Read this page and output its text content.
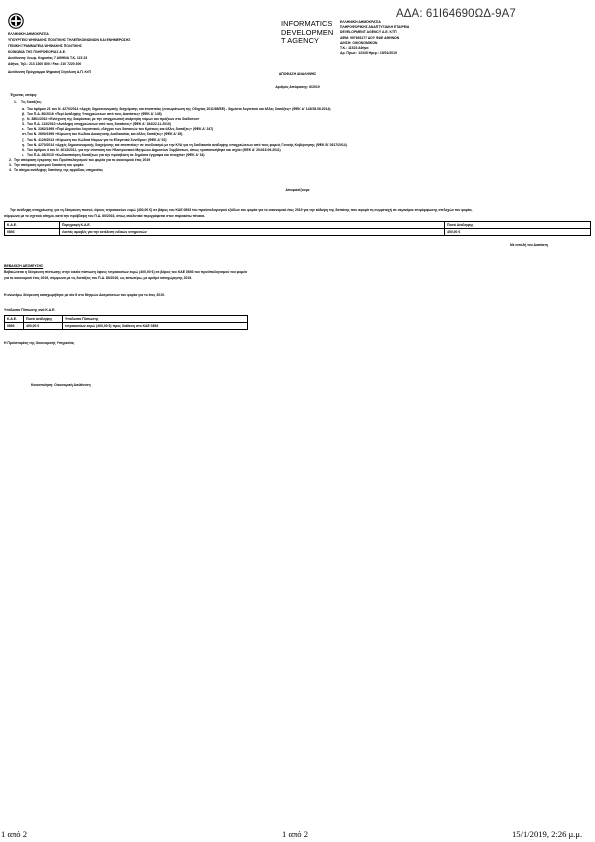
ΑΔΑ: 61Ι64690ΩΔ-9Α7
ΕΛΛΗΝΙΚΗ ΔΗΜΟΚΡΑΤΙΑ
ΥΠΟΥΡΓΕΙΟ ΨΗΦΙΑΚΗΣ ΠΟΛΙΤΙΚΗΣ ΤΗΛΕΠΙΚΟΙΝΩΝΙΩΝ ΚΑΙ ΕΝΗΜΕΡΩΣΗΣ
ΓΕΝΙΚΗ ΓΡΑΜΜΑΤΕΙΑ ΨΗΦΙΑΚΗΣ ΠΟΛΙΤΙΚΗΣ
ΚΟΙΝΩΝΙΑ ΤΗΣ ΠΛΗΡΟΦΟΡΙΑΣ Α.Ε.
Διεύθυνση: Λεωφ. Κηφισίας 7 ΑΘΗΝΑ Τ.Κ. 115 23
Αθήνα, Τηλ.: 213 1300 800 / Fax: 210 7220 300
Διεύθυνση Πρόγραμμα Ψηφιακή Σύγκλιση Α.Π. ΚτΠ
INFORMATICS
DEVELOPMEN
T AGENCY
ΕΛΛΗΝΙΚΗ ΔΗΜΟΚΡΑΤΙΑ
ΠΛΗΡΟΦΟΡΙΚΗΣ ΑΝΑΠΤΥΞΙΑΚΗ ΕΤΑΙΡΕΙΑ
DEVELOPMENT AGENCY Α.Ε. ΚΤΠ
ΑΦΜ: 997693177 ΔΟΥ ΦΑΕ ΑΘΗΝΩΝ
Δ/ΝΣΗ: ΟΙΚΟΝΟΜΙΚΩΝ
Τ.Κ.: 11523 Αθήνα
Αρ. Πρωτ.: 12345 Ημερ.: 15/01/2019
ΑΠΟΦΑΣΗ ΑΝΑΛΗΨΗΣ
Αριθμός Απόφασης: 6/2019
Έχοντας υπόψη:
1. Τις διατάξεις:
α. Του άρθρου 21 του Ν. 4270/2014 «Αρχές δημοσιονομικής διαχείρισης και εποπτείας (ενσωμάτωση της Οδηγίας 2011/85/ΕΕ) - δημόσιο λογιστικό και άλλες διατάξεις» (ΦΕΚ Α' 143/28.06.2014)
β. Του Π.Δ. 80/2016 «Περί Ανάληψης Υποχρεώσεων από τους Διατάκτες» (ΦΕΚ Α' 145)
γ. Ν. 3861/2010 «Ενίσχυση της διαφάνειας με την υποχρεωτική ανάρτηση νόμων και πράξεων στο διαδίκτυο»
δ. Του Π.Δ. 113/2010 «Ανάληψη υποχρεώσεων από τους διατάκτες» (ΦΕΚ Α' 194/22.11.2010)
ε. Του Ν. 2362/1995 «Περί Δημοσίου Λογιστικού, ελέγχου των δαπανών του Κράτους και άλλες διατάξεις» (ΦΕΚ Α' 247)
στ. Του Ν. 2690/1999 «Κύρωση του Κώδικα Διοικητικής Διαδικασίας και άλλες διατάξεις» (ΦΕΚ Α' 45)
ζ. Του Ν. 4129/2013 «Κύρωση του Κώδικα Νόμων για το Ελεγκτικό Συνέδριο» (ΦΕΚ Α' 52)
η. Του Ν. 4270/2014 «Αρχές δημοσιονομικής διαχείρισης και εποπτείας» σε συνδυασμό με την ΚΥΑ για τη διαδικασία ανάληψης υποχρεώσεων από τους φορείς Γενικής Κυβέρνησης (ΦΕΚ Β' 2617/2014)
θ. Του άρθρου 4 του Ν. 4013/2011, για την σύσταση του Ηλεκτρονικού Μητρώου Δημοσίων Συμβάσεων, όπως τροποποιήθηκε και ισχύει (ΦΕΚ Α' 204/15.09.2011)
ι. Του Π.Δ. 28/2015 «Κωδικοποίηση διατάξεων για την πρόσβαση σε δημόσια έγγραφα και στοιχεία» (ΦΕΚ Α' 34)
2. Την απόφαση έγκρισης του Προϋπολογισμού του φορέα για το οικονομικό έτος 2019
3. Την απόφαση ορισμού διατάκτη του φορέα
4. Το αίτημα ανάληψης δαπάνης της αρμόδιας υπηρεσίας
Αποφασίζουμε
Την ανάληψη υποχρέωσης για τη δέσμευση ποσού, ύψους τετρακοσίων ευρώ (400,00 €) σε βάρος του ΚΑΕ 0893 του προϋπολογισμού εξόδων του φορέα για το οικονομικό έτος 2019 για την κάλυψη της δαπάνης που αφορά τη συμμετοχή σε σεμινάριο επιμόρφωσης στελεχών του φορέα,
σύμφωνα με το σχετικό αίτημα, κατά την πρόβλεψη του Π.Δ. 80/2016, όπως αναλυτικά περιγράφεται στον παρακάτω πίνακα.
Κ.Α.Ε.	Περιγραφή Κ.Α.Ε.	Ποσό Ανάληψης
0893	Λοιπές αμοιβές για την εκτέλεση ειδικών υπηρεσιών	400,00 €
Με εντολή του Διατάκτη
ΒΕΒΑΙΩΣΗ ΔΕΣΜΕΥΣΗΣ
Βεβαιώνεται η δέσμευση πίστωσης στην οικεία πίστωση ύψους τετρακοσίων ευρώ (400,00 €) σε βάρος του ΚΑΕ 0893 του προϋπολογισμού του φορέα
για το οικονομικό έτος 2019, σύμφωνα με τις διατάξεις του Π.Δ. 80/2016, ως κατωτέρω, με αριθμό καταχώρησης 2019.
Η ανωτέρω δέσμευση καταχωρήθηκε με α/α 6 στο Μητρώο Δεσμεύσεων του φορέα για το έτος 2019.
Υπόλοιπο Πίστωσης ανά Κ.Α.Ε.
Κ.Α.Ε.	Ποσό ανάληψης	Υπόλοιπο Πίστωσης
0893	400,00 €	τετρακοσίων ευρώ (400,00 €) προς διάθεση στο ΚΑΕ 0893
Η Προϊσταμένη της Οικονομικής Υπηρεσίας
Κοινοποίηση: Οικονομική Διεύθυνση
1 από 2	1 από 2	15/1/2019, 2:26 μ.μ.
